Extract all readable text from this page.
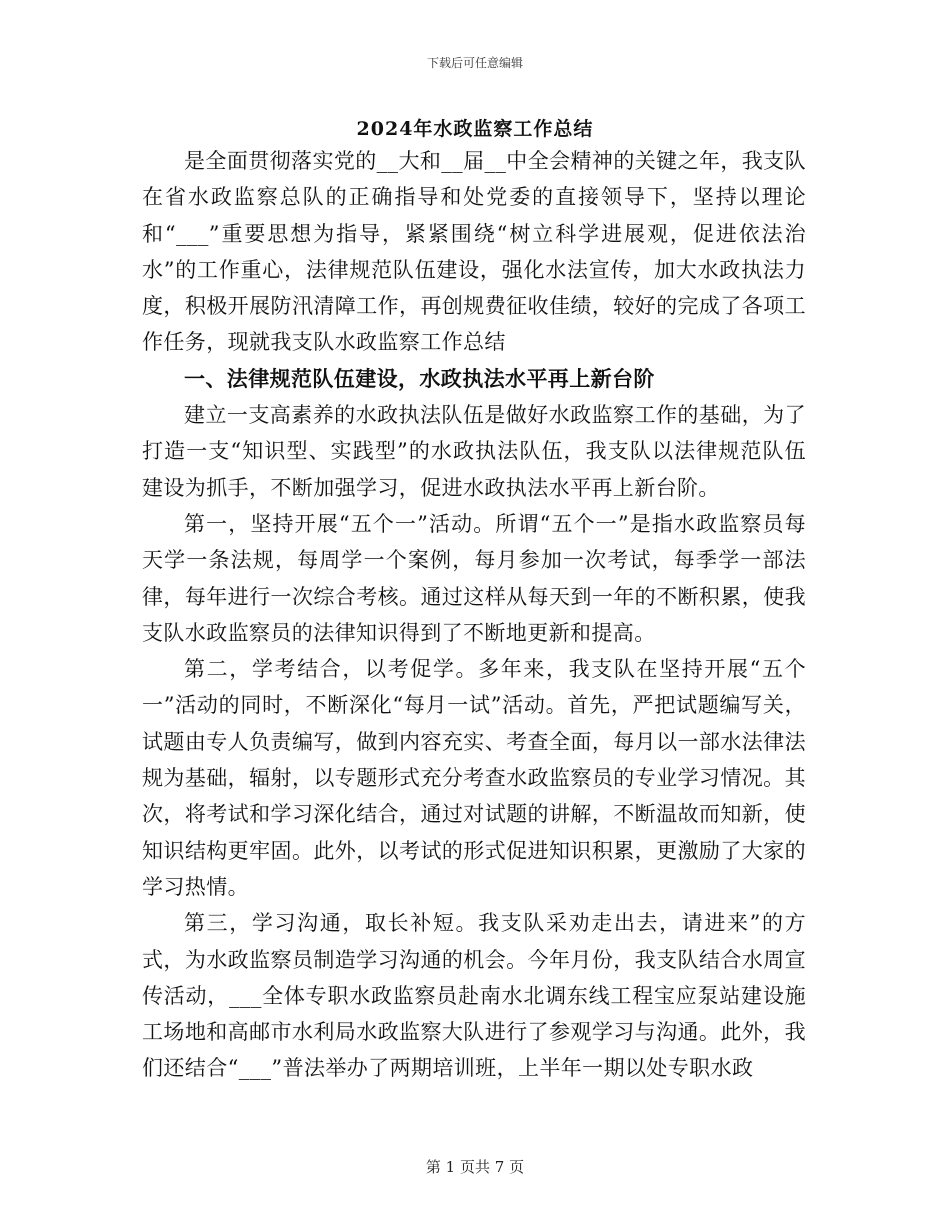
下载后可任意编辑
2024年水政监察工作总结

是全面贯彻落实党的__大和__届__中全会精神的关键之年，我支队在省水政监察总队的正确指导和处党委的直接领导下，坚持以理论和“___”重要思想为指导，紧紧围绕“树立科学进展观，促进依法治水”的工作重心，法律规范队伍建设，强化水法宣传，加大水政执法力度，积极开展防汛清障工作，再创规费征收佳绩，较好的完成了各项工作任务，现就我支队水政监察工作总结

一、法律规范队伍建设，水政执法水平再上新台阶

建立一支高素养的水政执法队伍是做好水政监察工作的基础，为了打造一支“知识型、实践型”的水政执法队伍，我支队以法律规范队伍建设为抓手，不断加强学习，促进水政执法水平再上新台阶。

第一，坚持开展“五个一”活动。所谓“五个一”是指水政监察员每天学一条法规，每周学一个案例，每月参加一次考试，每季学一部法律，每年进行一次综合考核。通过这样从每天到一年的不断积累，使我支队水政监察员的法律知识得到了不断地更新和提高。

第二，学考结合，以考促学。多年来，我支队在坚持开展“五个一”活动的同时，不断深化“每月一试”活动。首先，严把试题编写关，试题由专人负责编写，做到内容充实、考查全面，每月以一部水法律法规为基础，辐射，以专题形式充分考查水政监察员的专业学习情况。其次，将考试和学习深化结合，通过对试题的讲解，不断温故而知新，使知识结构更牢固。此外，以考试的形式促进知识积累，更激励了大家的学习热情。

第三，学习沟通，取长补短。我支队采劝走出去，请进来”的方式，为水政监察员制造学习沟通的机会。今年月份，我支队结合水周宣传活动，___全体专职水政监察员赴南水北调东线工程宝应泵站建设施工场地和高邮市水利局水政监察大队进行了参观学习与沟通。此外，我们还结合“___”普法举办了两期培训班，上半年一期以处专职水政

第 1 页共 7 页
